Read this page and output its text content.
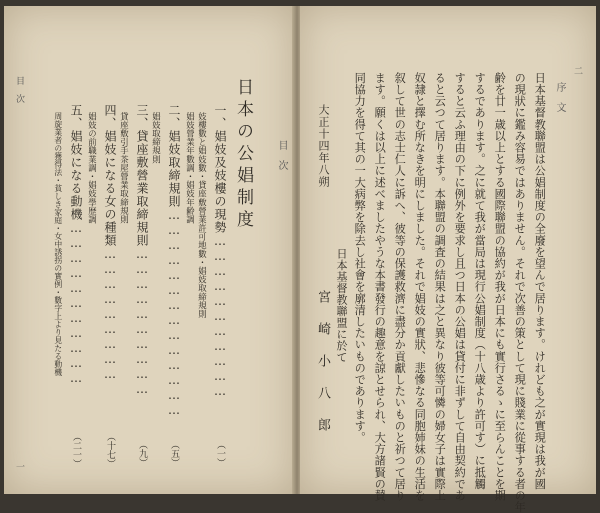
二
序　文
日本基督教聯盟は公娼制度の全廢を望んで居ります。けれども之が實現は我が國
の現狀に鑑み容易ではありません。それで次善の策として現に賤業に從事する者の年
齢を廿一歳以上とする國際聯盟の協約が我が日本にも實行さるゝに至らんことを期
するであります。之に就て我が當局は現行公娼制度（十八歳より許可す）に抵觸
すると云ふ理由の下に例外を要求し且つ日本の公娼は貸付に非ずして自由契約であ
ると云つて居ります。本聯盟の調査の結果は之と異なり彼等可憐の婦女子は實際上
奴隷と擇む所なきを明にしました。それで娼妓の實狀、悲慘なる同胞姉妹の生活を
叙して世の志士仁人に訴へ、彼等の保護救濟に盡分か貢獻したいものと祈つて居り
ます。願くは以上に述べましたやうな本書發行の趣意を諒とせられ、大方諸賢の賛
同協力を得て其の一大病弊を除去し社會を廓清したいものであります。
日本基督教聯盟に於て
宮　崎　小　八　郎
大正十四年八朔
目　次
日本の公娼制度
一、娼妓及妓樓の現勢……………………………
（一）
妓樓數と娼妓數・貸座敷營業許可地數・娼妓取締規則
娼妓營業年數調・娼妓年齢調
二、娼妓取締規則……………………………………
（五）
娼妓取締規則
三、貸座敷營業取締規則…………………………
（九）
貸座敷引手茶屋營業取締規則
四、娼妓になる女の種類………………………
（十七）
娼妓の前職業調・娼妓學歴調
五、娼妓になる動機……………………………
（二一）
周旋業者の獲得法・貧しき家庭・女中誘拐の實例・數字上より見たる動機
目　次
一
